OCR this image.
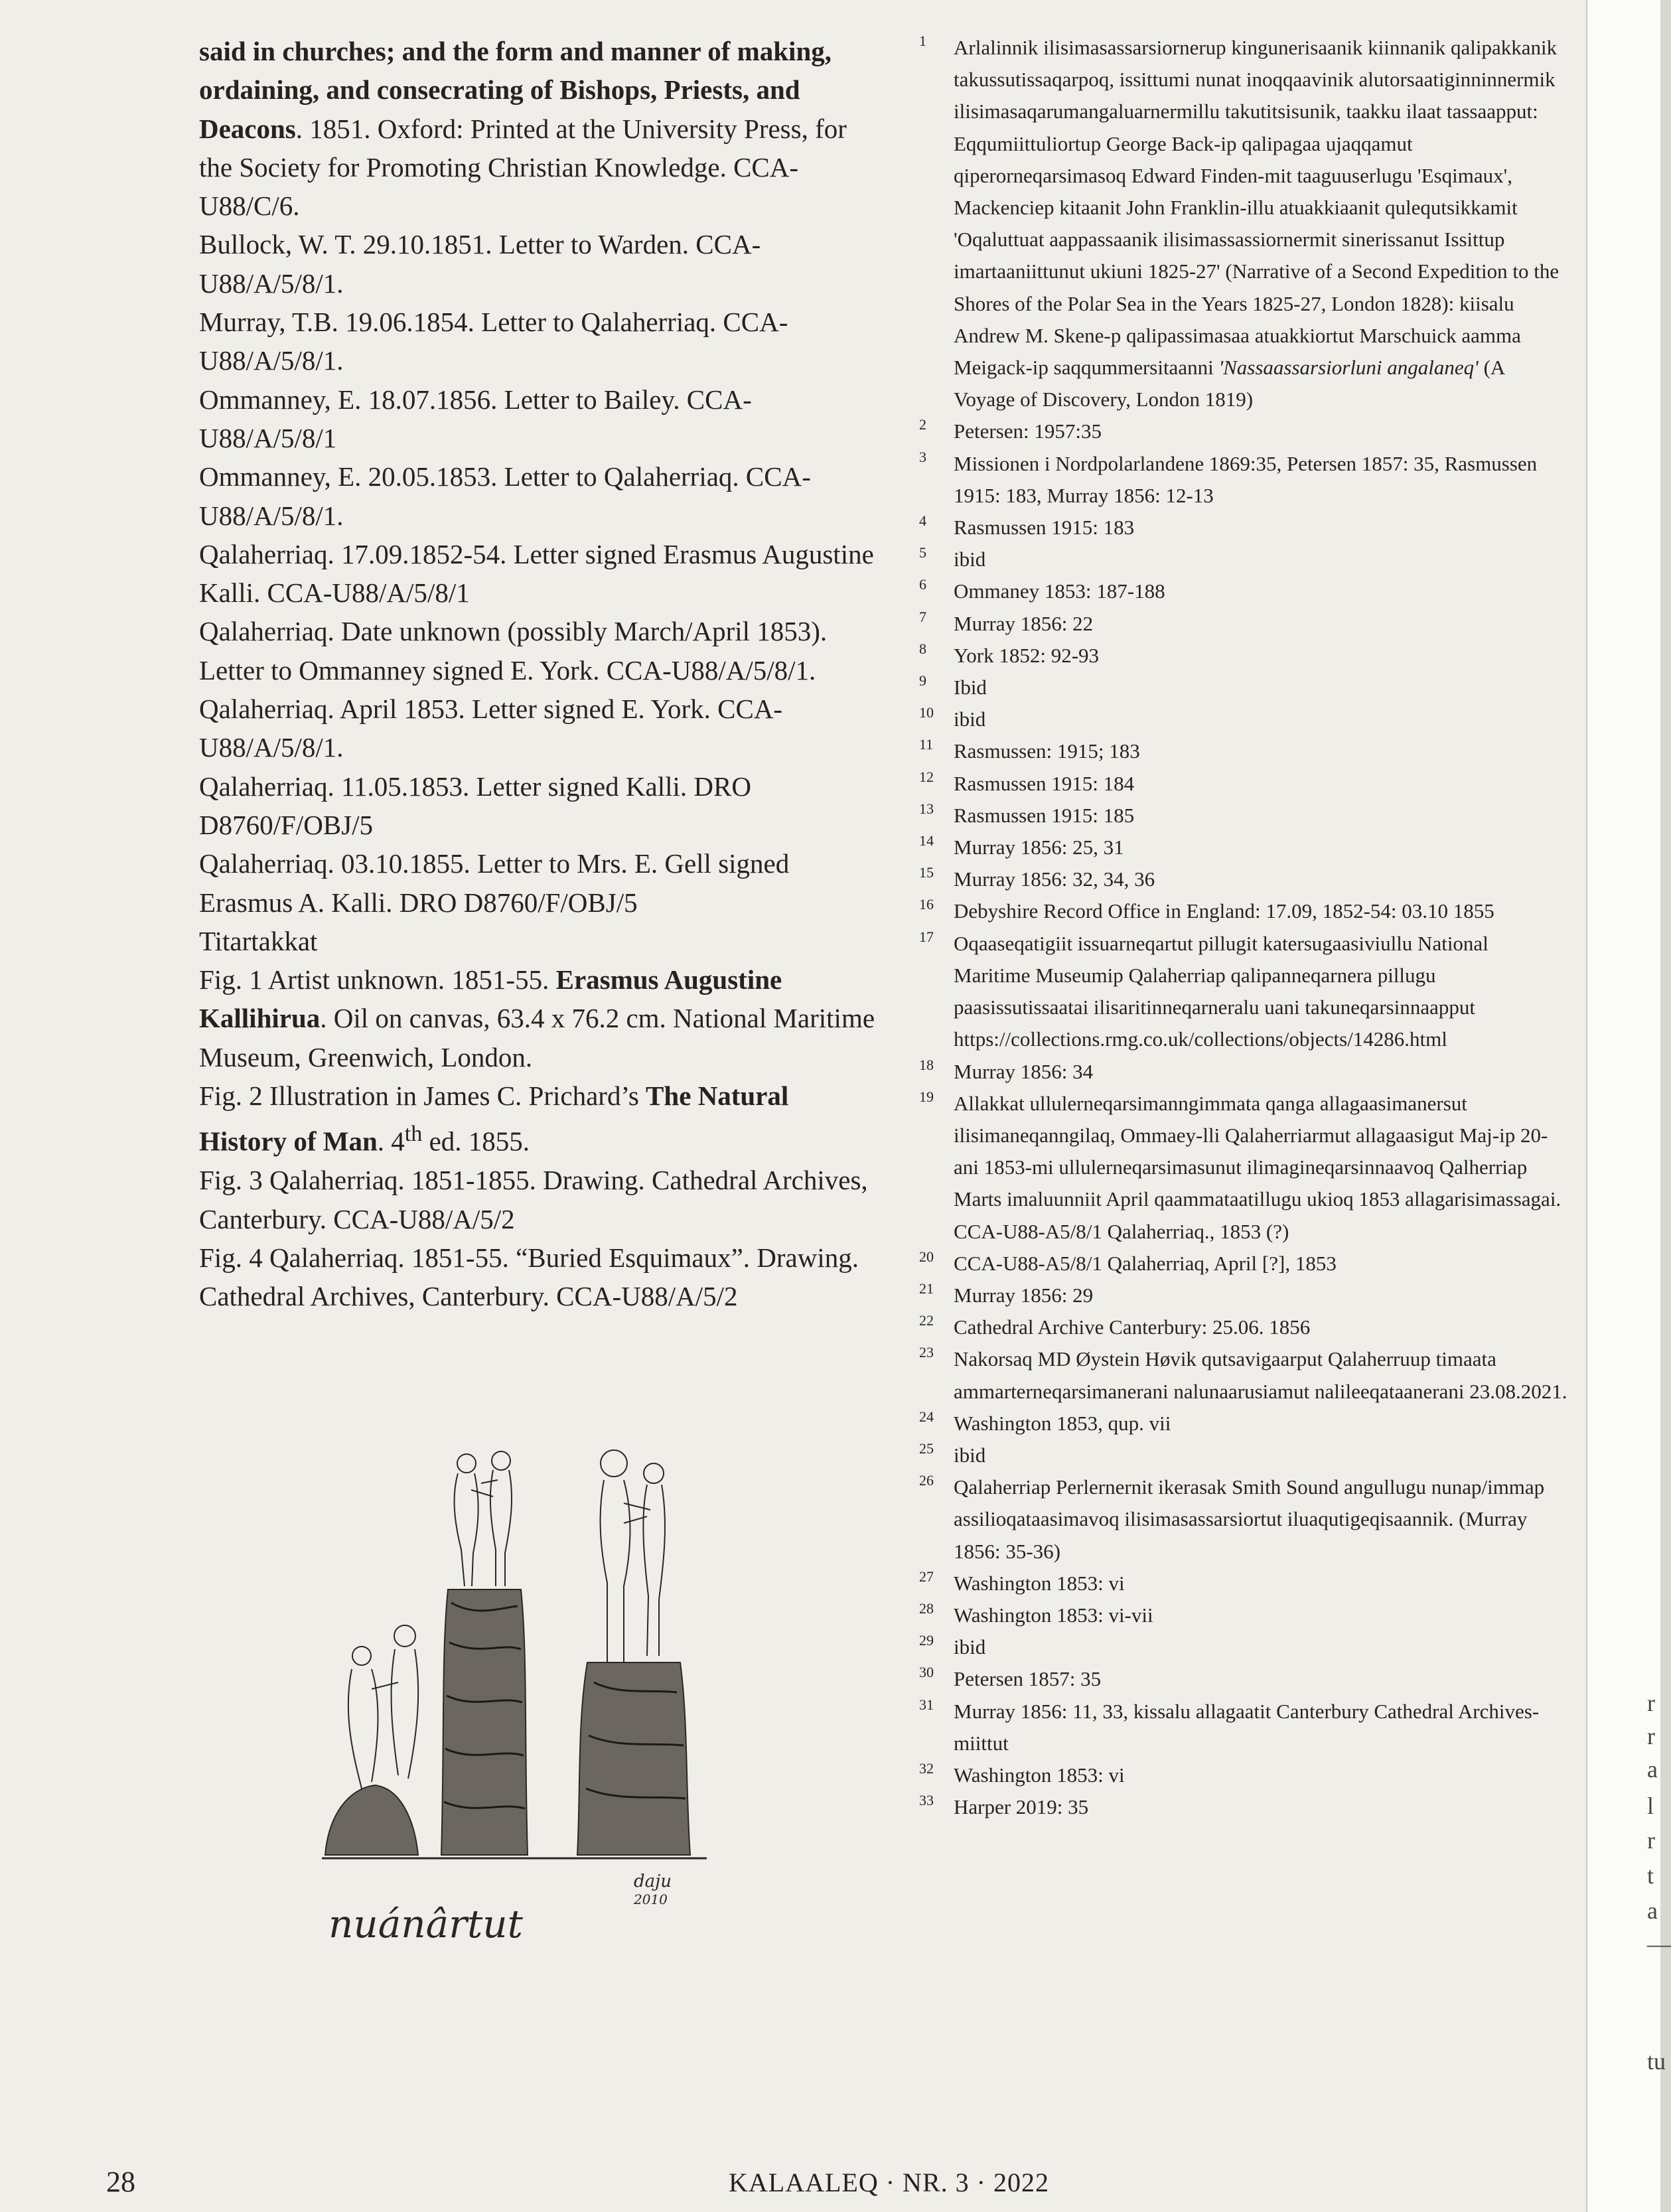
said in churches; and the form and manner of making, ordaining, and consecrating of Bishops, Priests, and Deacons. 1851. Oxford: Printed at the University Press, for the Society for Promoting Christian Knowledge. CCA-U88/C/6.

Bullock, W. T. 29.10.1851. Letter to Warden. CCA-U88/A/5/8/1.

Murray, T.B. 19.06.1854. Letter to Qalaherriaq. CCA-U88/A/5/8/1.

Ommanney, E. 18.07.1856. Letter to Bailey. CCA-U88/A/5/8/1

Ommanney, E. 20.05.1853. Letter to Qalaherriaq. CCA-U88/A/5/8/1.

Qalaherriaq. 17.09.1852-54. Letter signed Erasmus Augustine Kalli. CCA-U88/A/5/8/1

Qalaherriaq. Date unknown (possibly March/April 1853). Letter to Ommanney signed E. York. CCA-U88/A/5/8/1.

Qalaherriaq. April 1853. Letter signed E. York. CCA-U88/A/5/8/1.

Qalaherriaq. 11.05.1853. Letter signed Kalli. DRO D8760/F/OBJ/5

Qalaherriaq. 03.10.1855. Letter to Mrs. E. Gell signed Erasmus A. Kalli. DRO D8760/F/OBJ/5

Titartakkat

Fig. 1 Artist unknown. 1851-55. Erasmus Augustine Kallihirua. Oil on canvas, 63.4 x 76.2 cm. National Maritime Museum, Greenwich, London.

Fig. 2 Illustration in James C. Prichard’s The Natural History of Man. 4th ed. 1855.

Fig. 3 Qalaherriaq. 1851-1855. Drawing. Cathedral Archives, Canterbury. CCA-U88/A/5/2

Fig. 4 Qalaherriaq. 1851-55. “Buried Esquimaux”. Drawing. Cathedral Archives, Canterbury. CCA-U88/A/5/2

nuánârtut
daju
2010
1 Arlalinnik ilisimasassarsiornerup kingunerisaanik kiinnanik qalipakkanik takussutissaqarpoq, issittumi nunat inoqqaavinik alutorsaatiginninnermik ilisimasaqarumangaluarnermillu takutitsisunik, taakku ilaat tassaapput: Eqqumiittuliortup George Back-ip qalipagaa ujaqqamut qiperorneqarsimasoq Edward Finden-mit taaguuserlugu 'Esqimaux', Mackenciep kitaanit John Franklin-illu atuakkiaanit qulequtsikkamit 'Oqaluttuat aappassaanik ilisimassassiornermit sinerissanut Issittup imartaaniittunut ukiuni 1825-27' (Narrative of a Second Expedition to the Shores of the Polar Sea in the Years 1825-27, London 1828): kiisalu Andrew M. Skene-p qalipassimasaa atuakkiortut Marschuick aamma Meigack-ip saqqummersitaanni 'Nassaassarsiorluni angalaneq' (A Voyage of Discovery, London 1819)
2 Petersen: 1957:35
3 Missionen i Nordpolarlandene 1869:35, Petersen 1857: 35, Rasmussen 1915: 183, Murray 1856: 12-13
4 Rasmussen 1915: 183
5 ibid
6 Ommaney 1853: 187-188
7 Murray 1856: 22
8 York 1852: 92-93
9 Ibid
10 ibid
11 Rasmussen: 1915; 183
12 Rasmussen 1915: 184
13 Rasmussen 1915: 185
14 Murray 1856: 25, 31
15 Murray 1856: 32, 34, 36
16 Debyshire Record Office in England: 17.09, 1852-54: 03.10 1855
17 Oqaaseqatigiit issuarneqartut pillugit katersugaasiviullu National Maritime Museumip Qalaherriap qalipanneqarnera pillugu paasissutissaatai ilisaritinneqarneralu uani takuneqarsinnaapput https://collections.rmg.co.uk/collections/objects/14286.html
18 Murray 1856: 34
19 Allakkat ullulerneqarsimanngimmata qanga allagaasimanersut ilisimaneqanngilaq, Ommaey-lli Qalaherriarmut allagaasigut Maj-ip 20-ani 1853-mi ullulerneqarsimasunut ilimagineqarsinnaavoq Qalherriap Marts imaluunniit April qaammataatillugu ukioq 1853 allagarisimassagai. CCA-U88-A5/8/1 Qalaherriaq., 1853 (?)
20 CCA-U88-A5/8/1 Qalaherriaq, April [?], 1853
21 Murray 1856: 29
22 Cathedral Archive Canterbury: 25.06. 1856
23 Nakorsaq MD Øystein Høvik qutsavigaarput Qalaherruup timaata ammarterneqarsimanerani nalunaarusiamut nalileeqataanerani 23.08.2021.
24 Washington 1853, qup. vii
25 ibid
26 Qalaherriap Perlernernit ikerasak Smith Sound angullugu nunap/immap assilioqataasimavoq ilisimasassarsiortut iluaqutigeqisaannik. (Murray 1856: 35-36)
27 Washington 1853: vi
28 Washington 1853: vi-vii
29 ibid
30 Petersen 1857: 35
31 Murray 1856: 11, 33, kissalu allagaatit Canterbury Cathedral Archives-miittut
32 Washington 1853: vi
33 Harper 2019: 35
28	KALAALEQ · NR. 3 · 2022
r
r
a
l
r
t
a
—
tu
